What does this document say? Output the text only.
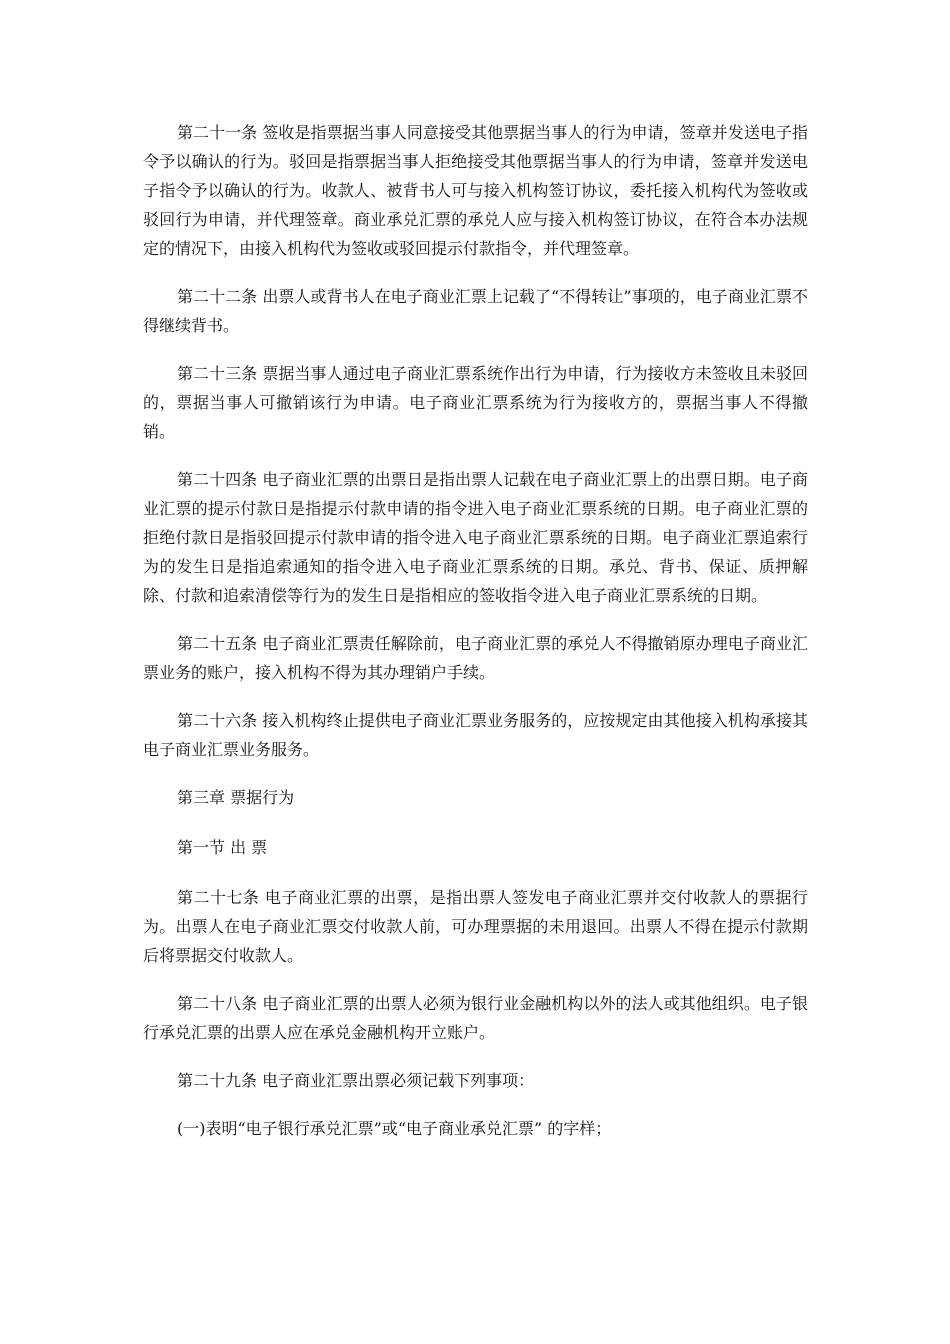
第二十一条 签收是指票据当事人同意接受其他票据当事人的行为申请，签章并发送电子指令予以确认的行为。驳回是指票据当事人拒绝接受其他票据当事人的行为申请，签章并发送电子指令予以确认的行为。收款人、被背书人可与接入机构签订协议，委托接入机构代为签收或驳回行为申请，并代理签章。商业承兑汇票的承兑人应与接入机构签订协议，在符合本办法规定的情况下，由接入机构代为签收或驳回提示付款指令，并代理签章。

第二十二条 出票人或背书人在电子商业汇票上记载了“不得转让”事项的，电子商业汇票不得继续背书。

第二十三条 票据当事人通过电子商业汇票系统作出行为申请，行为接收方未签收且未驳回的，票据当事人可撤销该行为申请。电子商业汇票系统为行为接收方的，票据当事人不得撤销。

第二十四条 电子商业汇票的出票日是指出票人记载在电子商业汇票上的出票日期。电子商业汇票的提示付款日是指提示付款申请的指令进入电子商业汇票系统的日期。电子商业汇票的拒绝付款日是指驳回提示付款申请的指令进入电子商业汇票系统的日期。电子商业汇票追索行为的发生日是指追索通知的指令进入电子商业汇票系统的日期。承兑、背书、保证、质押解除、付款和追索清偿等行为的发生日是指相应的签收指令进入电子商业汇票系统的日期。

第二十五条 电子商业汇票责任解除前，电子商业汇票的承兑人不得撤销原办理电子商业汇票业务的账户，接入机构不得为其办理销户手续。

第二十六条 接入机构终止提供电子商业汇票业务服务的，应按规定由其他接入机构承接其电子商业汇票业务服务。

第三章 票据行为

第一节 出 票

第二十七条 电子商业汇票的出票，是指出票人签发电子商业汇票并交付收款人的票据行为。出票人在电子商业汇票交付收款人前，可办理票据的未用退回。出票人不得在提示付款期后将票据交付收款人。

第二十八条 电子商业汇票的出票人必须为银行业金融机构以外的法人或其他组织。电子银行承兑汇票的出票人应在承兑金融机构开立账户。

第二十九条 电子商业汇票出票必须记载下列事项：

(一)表明“电子银行承兑汇票”或“电子商业承兑汇票” 的字样；
